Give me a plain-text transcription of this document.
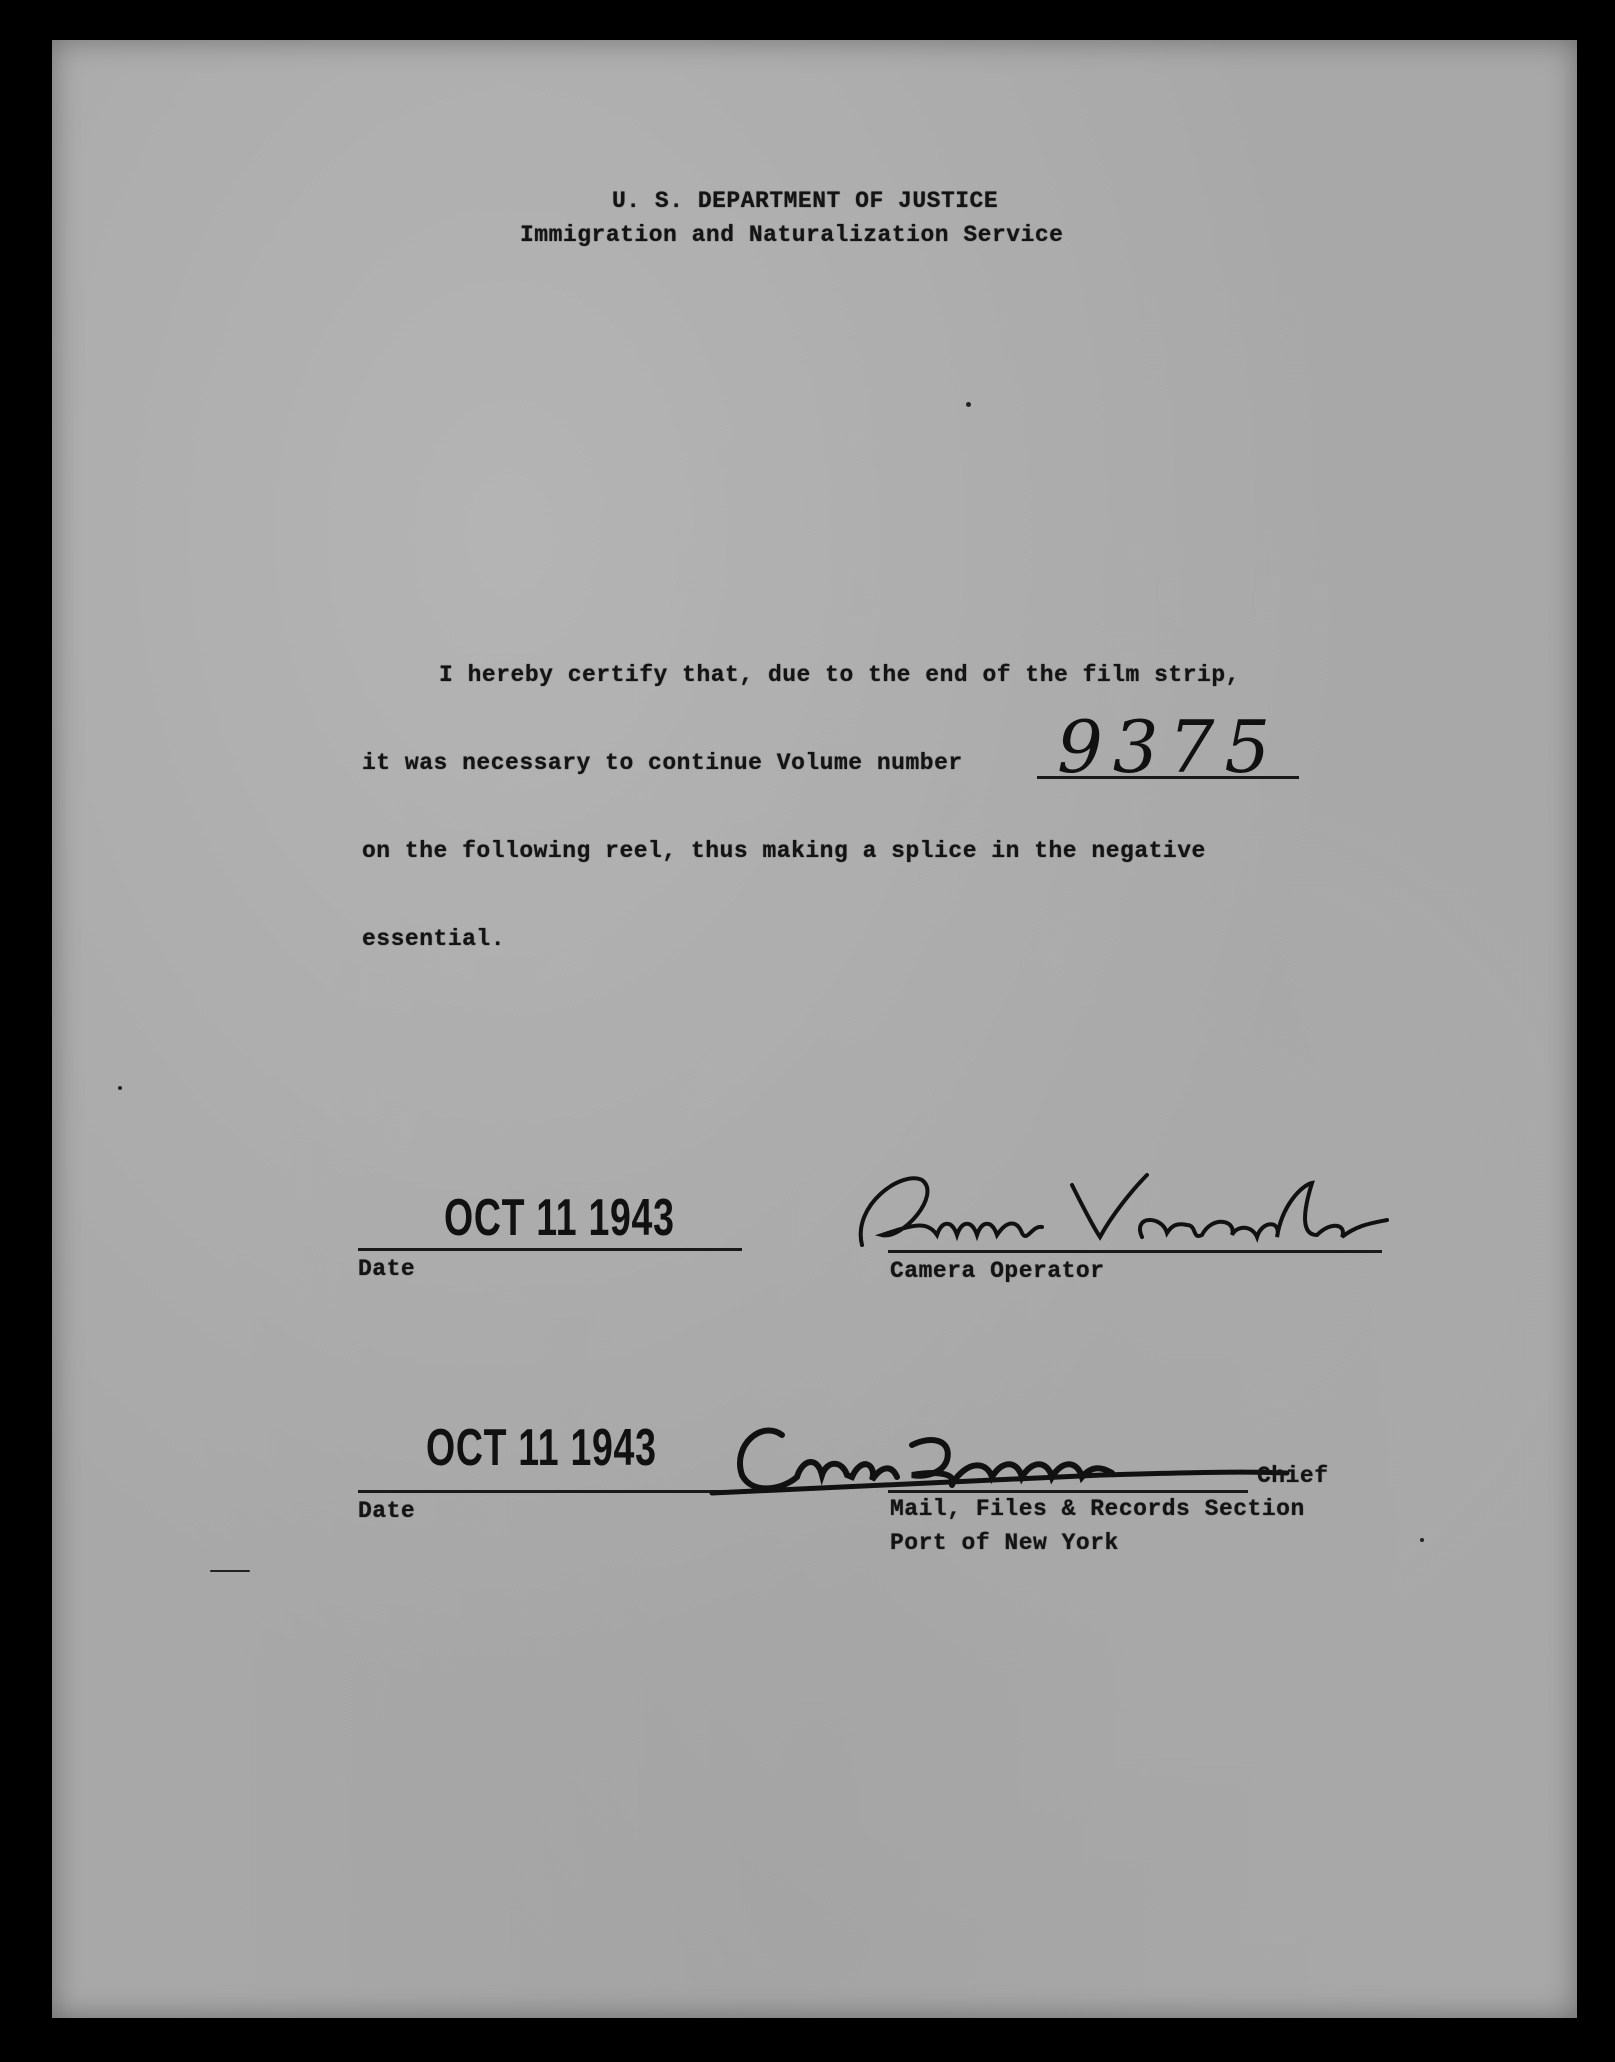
U. S. DEPARTMENT OF JUSTICE
Immigration and Naturalization Service
I hereby certify that, due to the end of the film strip,
it was necessary to continue Volume number 9375
on the following reel, thus making a splice in the negative
essential.
OCT 11 1943
Date	Camera Operator
OCT 11 1943
Date
Chief
Mail, Files & Records Section
Port of New York
